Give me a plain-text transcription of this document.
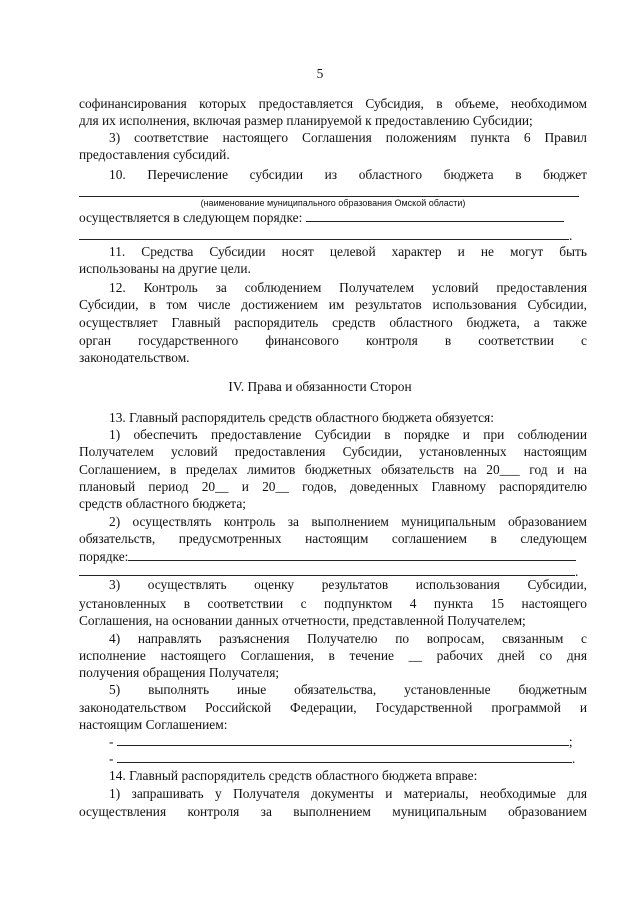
5
софинансирования которых предоставляется Субсидия, в объеме, необходимом
для их исполнения, включая размер планируемой к предоставлению Субсидии;
3) соответствие настоящего Соглашения положениям пункта 6 Правил
предоставления субсидий.
10. Перечисление субсидии из областного бюджета в бюджет
(наименование муниципального образования Омской области)
осуществляется в следующем порядке:
.
11. Средства Субсидии носят целевой характер и не могут быть
использованы на другие цели.
12. Контроль за соблюдением Получателем условий предоставления
Субсидии, в том числе достижением им результатов использования Субсидии,
осуществляет Главный распорядитель средств областного бюджета, а также
орган государственного финансового контроля в соответствии с
законодательством.
IV. Права и обязанности Сторон
13. Главный распорядитель средств областного бюджета обязуется:
1) обеспечить предоставление Субсидии в порядке и при соблюдении
Получателем условий предоставления Субсидии, установленных настоящим
Соглашением, в пределах лимитов бюджетных обязательств на 20___ год и на
плановый период 20__ и 20__ годов, доведенных Главному распорядителю
средств областного бюджета;
2) осуществлять контроль за выполнением муниципальным образованием
обязательств, предусмотренных настоящим соглашением в следующем
порядке:
.
3) осуществлять оценку результатов использования Субсидии,
установленных в соответствии с подпунктом 4 пункта 15 настоящего
Соглашения, на основании данных отчетности, представленной Получателем;
4) направлять разъяснения Получателю по вопросам, связанным с
исполнение настоящего Соглашения, в течение __ рабочих дней со дня
получения обращения Получателя;
5) выполнять иные обязательства, установленные бюджетным
законодательством Российской Федерации, Государственной программой и
настоящим Соглашением:
-	;
-	.
14. Главный распорядитель средств областного бюджета вправе:
1) запрашивать у Получателя документы и материалы, необходимые для
осуществления контроля за выполнением муниципальным образованием
